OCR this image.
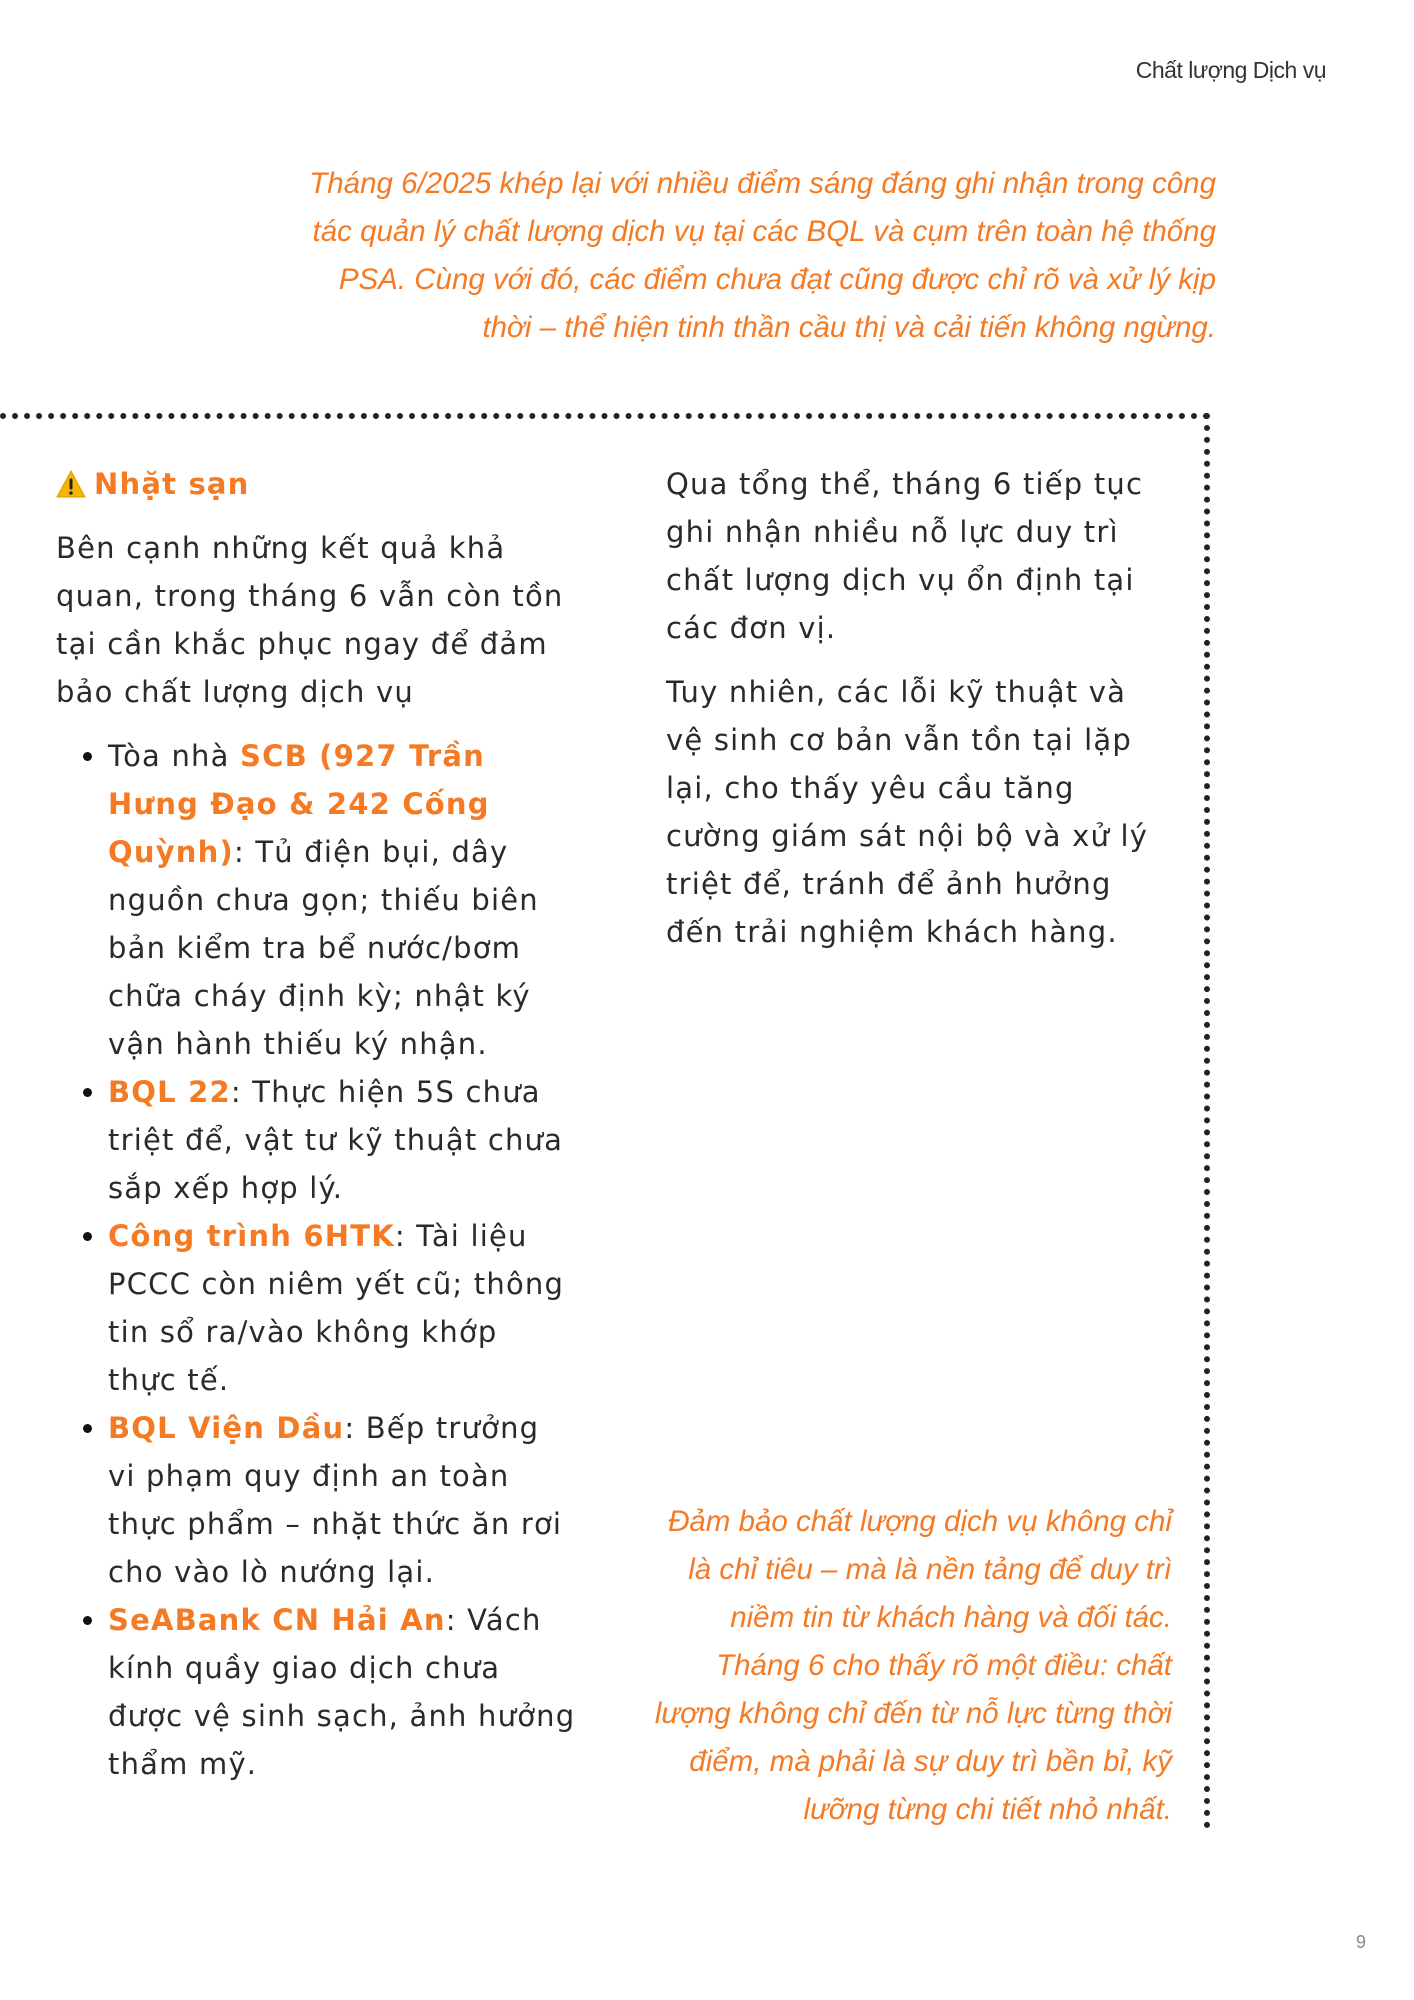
Chất lượng Dịch vụ
Tháng 6/2025 khép lại với nhiều điểm sáng đáng ghi nhận trong công tác quản lý chất lượng dịch vụ tại các BQL và cụm trên toàn hệ thống PSA. Cùng với đó, các điểm chưa đạt cũng được chỉ rõ và xử lý kịp thời – thể hiện tinh thần cầu thị và cải tiến không ngừng.
Nhặt sạn

Bên cạnh những kết quả khả quan, trong tháng 6 vẫn còn tồn tại cần khắc phục ngay để đảm bảo chất lượng dịch vụ

• Tòa nhà SCB (927 Trần Hưng Đạo & 242 Cống Quỳnh): Tủ điện bụi, dây nguồn chưa gọn; thiếu biên bản kiểm tra bể nước/bơm chữa cháy định kỳ; nhật ký vận hành thiếu ký nhận.
• BQL 22: Thực hiện 5S chưa triệt để, vật tư kỹ thuật chưa sắp xếp hợp lý.
• Công trình 6HTK: Tài liệu PCCC còn niêm yết cũ; thông tin sổ ra/vào không khớp thực tế.
• BQL Viện Dầu: Bếp trưởng vi phạm quy định an toàn thực phẩm – nhặt thức ăn rơi cho vào lò nướng lại.
• SeABank CN Hải An: Vách kính quầy giao dịch chưa được vệ sinh sạch, ảnh hưởng thẩm mỹ.

Qua tổng thể, tháng 6 tiếp tục ghi nhận nhiều nỗ lực duy trì chất lượng dịch vụ ổn định tại các đơn vị.

Tuy nhiên, các lỗi kỹ thuật và vệ sinh cơ bản vẫn tồn tại lặp lại, cho thấy yêu cầu tăng cường giám sát nội bộ và xử lý triệt để, tránh để ảnh hưởng đến trải nghiệm khách hàng.

Đảm bảo chất lượng dịch vụ không chỉ là chỉ tiêu – mà là nền tảng để duy trì niềm tin từ khách hàng và đối tác. Tháng 6 cho thấy rõ một điều: chất lượng không chỉ đến từ nỗ lực từng thời điểm, mà phải là sự duy trì bền bỉ, kỹ lưỡng từng chi tiết nhỏ nhất.
9
